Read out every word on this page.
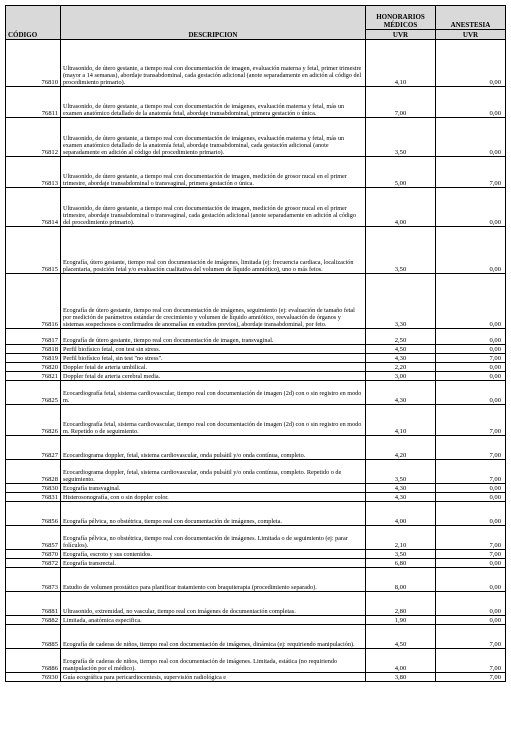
CÓDIGO	DESCRIPCION	HONORARIOS MÉDICOS	ANESTESIA
		UVR	UVR
76810	Ultrasonido, de útero gestante, a tiempo real con documentación de imagen, evaluación materna y fetal, primer trimestre (mayor a 14 semanas), abordaje transabdominal, cada gestación adicional (anote separadamente en adición al código del procedimiento primario).	4,10	0,00
76811	Ultrasonido, de útero gestante, a tiempo real con documentación de imágenes, evaluación materna y fetal, más un examen anatómico detallado de la anatomía fetal, abordaje transabdominal, primera gestación o única.	7,00	0,00
76812	Ultrasonido, de útero gestante, a tiempo real con documentación de imágenes, evaluación materna y fetal, más un examen anatómico detallado de la anatomía fetal, abordaje transabdominal, cada gestación adicional (anote separadamente en adición al código del procedimiento primario).	3,50	0,00
76813	Ultrasonido, de útero gestante, a tiempo real con documentación de imagen, medición de grosor nucal en el primer trimestre, abordaje transabdominal o transvaginal, primera gestación o única.	5,00	7,00
76814	Ultrasonido, de útero gestante, a tiempo real con documentación de imagen, medición de grosor nucal en el primer trimestre, abordaje transabdominal o transvaginal, cada gestación adicional (anote separadamente en adición al código del procedimiento primario).	4,00	0,00
76815	Ecografía, útero gestante, tiempo real con documentación de imágenes, limitada (ej: frecuencia cardiaca, localización placentaria, posición fetal y/o evaluación cualitativa del volumen de líquido amniótico), uno o más fetos.	3,50	0,00
76816	Ecografía de útero gestante, tiempo real con documentación de imágenes, seguimiento (ej: evaluación de tamaño fetal por medición de parámetros estándar de crecimiento y volumen de líquido amniótico, reevaluación de órganos y sistemas sospechosos o confirmados de anomalías en estudios previos), abordaje transabdominal, por feto.	3,30	0,00
76817	Ecografía de útero gestante, tiempo real con documentación de imagen, transvaginal.	2,50	0,00
76818	Perfil biofísico fetal, con test sin stress.	4,50	0,00
76819	Perfil biofísico fetal, sin test "no stress".	4,30	7,00
76820	Doppler fetal de arteria umbilical.	2,20	0,00
76821	Doppler fetal de arteria cerebral media.	3,00	0,00
76825	Ecocardiografía fetal, sistema cardiovascular, tiempo real con documentación de imagen (2d) con o sin registro en modo m.	4,30	0,00
76826	Ecocardiografía fetal, sistema cardiovascular, tiempo real con documentación de imagen (2d) con o sin registro en modo m. Repetido o de seguimiento.	4,10	7,00
76827	Ecocardiograma doppler, fetal, sistema cardiovascular, onda pulsátil y/o onda contínua, completo.	4,20	7,00
76828	Ecocardiograma doppler, fetal, sistema cardiovascular, onda pulsátil y/o onda contínua, completo. Repetido o de seguimiento.	3,50	7,00
76830	Ecografía transvaginal.	4,30	0,00
76831	Histerosonografía, con o sin doppler color.	4,30	0,00
76856	Ecografía pélvica, no obstétrica, tiempo real con documentación de imágenes, completa.	4,00	0,00
76857	Ecografía pélvica, no obstétrica, tiempo real con documentación de imágenes. Limitada o de seguimiento (ej: parar folículos).	2,10	7,00
76870	Ecografía, escroto y sus contenidos.	3,50	7,00
76872	Ecografía transrectal.	6,80	0,00
76873	Estudio de volumen prostático para planificar tratamiento con braquiterapia (procedimiento separado).	8,00	0,00
76881	Ultrasonido, extremidad, no vascular, tiempo real con imágenes de documentación completas.	2,80	0,00
76882	Limitada, anatómica especifica.	1,90	0,00
76885	Ecografía de caderas de niños, tiempo real con documentación de imágenes, dinámica (ej: requiriendo manipulación).	4,50	7,00
76886	Ecografía de caderas de niños, tiempo real con documentación de imágenes. Limitada, estática (no requiriendo manipulación por el médico).	4,00	7,00
76930	Guía ecográfica para pericardiocentesis, supervisión radiológica e	3,80	7,00
